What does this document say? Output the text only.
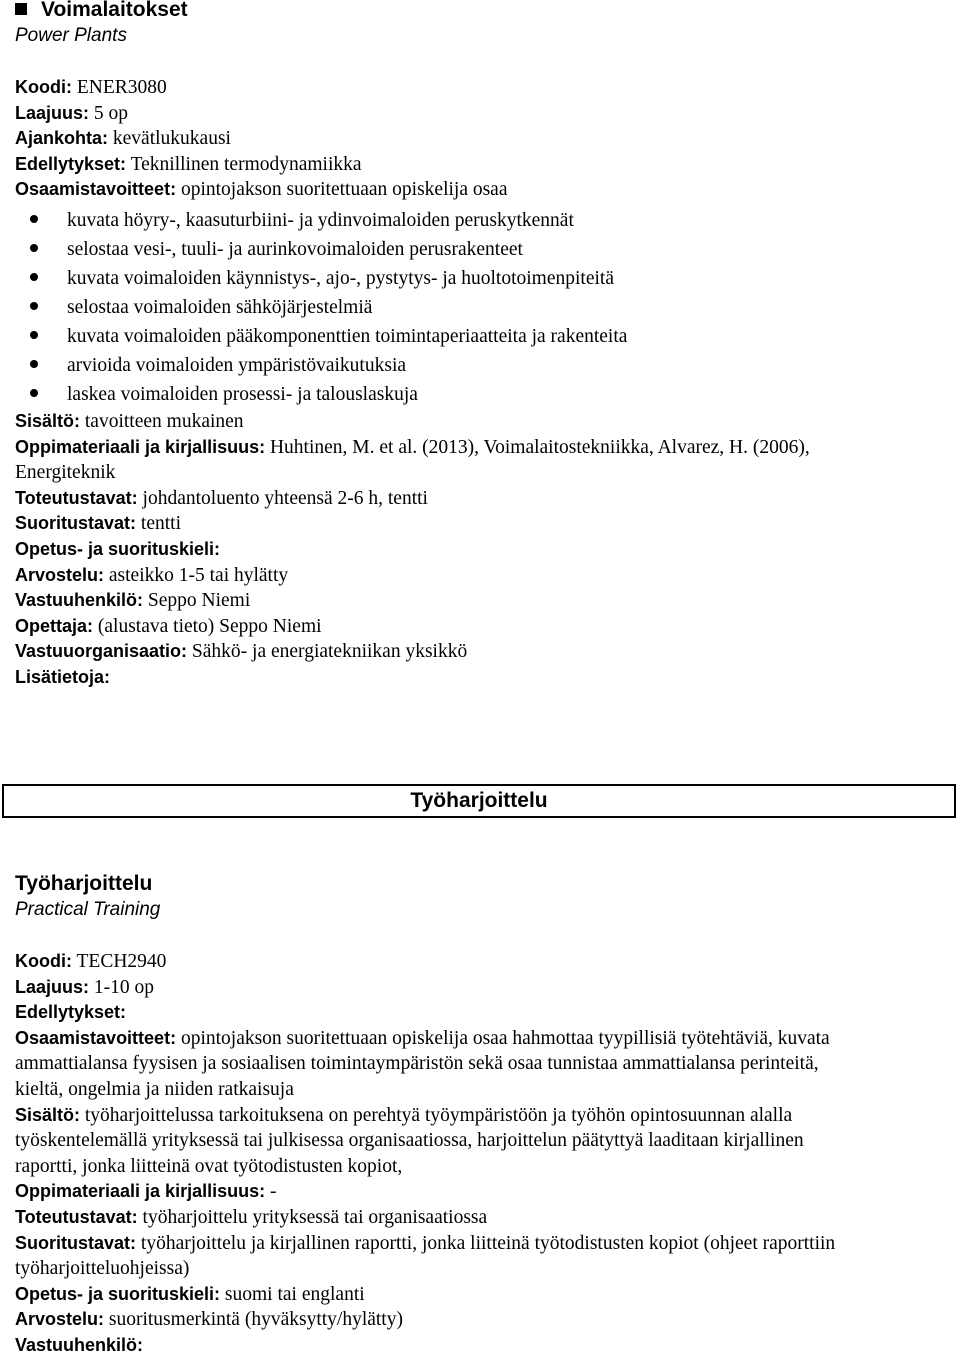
Voimalaitokset
Power Plants
Koodi: ENER3080
Laajuus: 5 op
Ajankohta: kevätlukukausi
Edellytykset: Teknillinen termodynamiikka
Osaamistavoitteet: opintojakson suoritettuaan opiskelija osaa
kuvata höyry-, kaasuturbiini- ja ydinvoimaloiden peruskytkennät
selostaa vesi-, tuuli- ja aurinkovoimaloiden perusrakenteet
kuvata voimaloiden käynnistys-, ajo-, pystytys- ja huoltotoimenpiteitä
selostaa voimaloiden sähköjärjestelmiä
kuvata voimaloiden pääkomponenttien toimintaperiaatteita ja rakenteita
arvioida voimaloiden ympäristövaikutuksia
laskea voimaloiden prosessi- ja talouslaskuja
Sisältö: tavoitteen mukainen
Oppimateriaali ja kirjallisuus: Huhtinen, M. et al. (2013), Voimalaitostekniikka, Alvarez, H. (2006),
Energiteknik
Toteutustavat: johdantoluento yhteensä 2-6 h, tentti
Suoritustavat: tentti
Opetus- ja suorituskieli:
Arvostelu: asteikko 1-5 tai hylätty
Vastuuhenkilö: Seppo Niemi
Opettaja: (alustava tieto) Seppo Niemi
Vastuuorganisaatio: Sähkö- ja energiatekniikan yksikkö
Lisätietoja:
Työharjoittelu
Työharjoittelu
Practical Training
Koodi: TECH2940
Laajuus: 1-10 op
Edellytykset:
Osaamistavoitteet: opintojakson suoritettuaan opiskelija osaa hahmottaa tyypillisiä työtehtäviä, kuvata
ammattialansa fyysisen ja sosiaalisen toimintaympäristön sekä osaa tunnistaa ammattialansa perinteitä,
kieltä, ongelmia ja niiden ratkaisuja
Sisältö: työharjoittelussa tarkoituksena on perehtyä työympäristöön ja työhön opintosuunnan alalla
työskentelemällä yrityksessä tai julkisessa organisaatiossa, harjoittelun päätyttyä laaditaan kirjallinen
raportti, jonka liitteinä ovat työtodistusten kopiot,
Oppimateriaali ja kirjallisuus: -
Toteutustavat: työharjoittelu yrityksessä tai organisaatiossa
Suoritustavat: työharjoittelu ja kirjallinen raportti, jonka liitteinä työtodistusten kopiot (ohjeet raporttiin
työharjoitteluohjeissa)
Opetus- ja suorituskieli: suomi tai englanti
Arvostelu: suoritusmerkintä (hyväksytty/hylätty)
Vastuuhenkilö:
